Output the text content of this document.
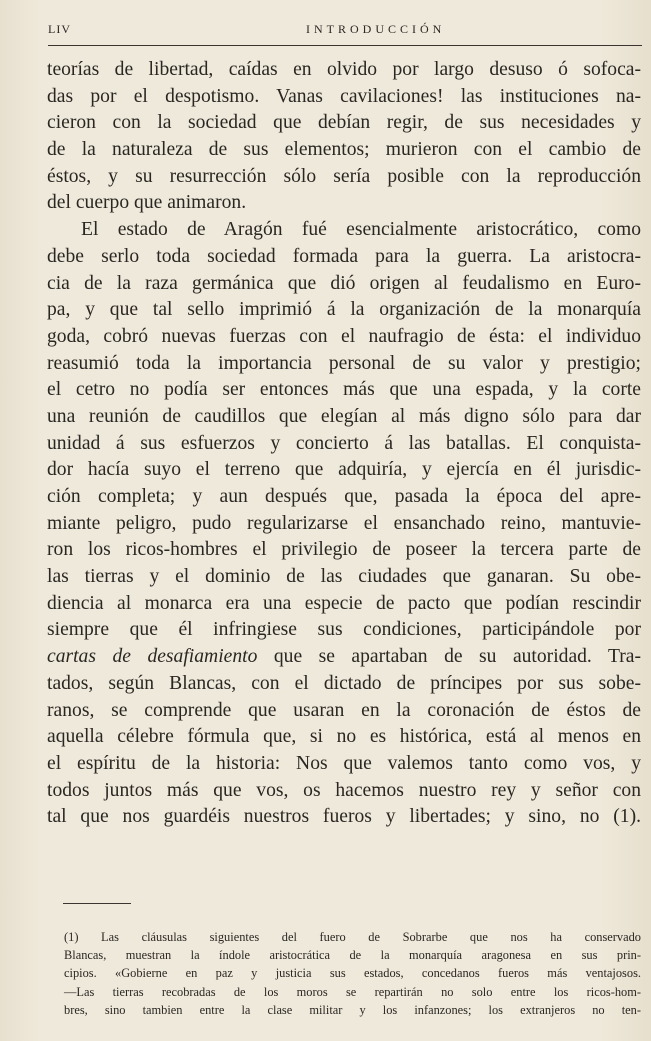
LIV	INTRODUCCIÓN
teorías de libertad, caídas en olvido por largo desuso ó sofoca-
das por el despotismo. Vanas cavilaciones! las instituciones na-
cieron con la sociedad que debían regir, de sus necesidades y
de la naturaleza de sus elementos; murieron con el cambio de
éstos, y su resurrección sólo sería posible con la reproducción
del cuerpo que animaron.
El estado de Aragón fué esencialmente aristocrático, como
debe serlo toda sociedad formada para la guerra. La aristocra-
cia de la raza germánica que dió origen al feudalismo en Euro-
pa, y que tal sello imprimió á la organización de la monarquía
goda, cobró nuevas fuerzas con el naufragio de ésta: el individuo
reasumió toda la importancia personal de su valor y prestigio;
el cetro no podía ser entonces más que una espada, y la corte
una reunión de caudillos que elegían al más digno sólo para dar
unidad á sus esfuerzos y concierto á las batallas. El conquista-
dor hacía suyo el terreno que adquiría, y ejercía en él jurisdic-
ción completa; y aun después que, pasada la época del apre-
miante peligro, pudo regularizarse el ensanchado reino, mantuvie-
ron los ricos-hombres el privilegio de poseer la tercera parte de
las tierras y el dominio de las ciudades que ganaran. Su obe-
diencia al monarca era una especie de pacto que podían rescindir
siempre que él infringiese sus condiciones, participándole por
cartas de desafiamiento que se apartaban de su autoridad. Tra-
tados, según Blancas, con el dictado de príncipes por sus sobe-
ranos, se comprende que usaran en la coronación de éstos de
aquella célebre fórmula que, si no es histórica, está al menos en
el espíritu de la historia: Nos que valemos tanto como vos, y
todos juntos más que vos, os hacemos nuestro rey y señor con
tal que nos guardéis nuestros fueros y libertades; y sino, no (1).
(1) Las cláusulas siguientes del fuero de Sobrarbe que nos ha conservado
Blancas, muestran la índole aristocrática de la monarquía aragonesa en sus prin-
cipios. «Gobierne en paz y justicia sus estados, concedanos fueros más ventajosos.
—Las tierras recobradas de los moros se repartirán no solo entre los ricos-hom-
bres, sino tambien entre la clase militar y los infanzones; los extranjeros no ten-
